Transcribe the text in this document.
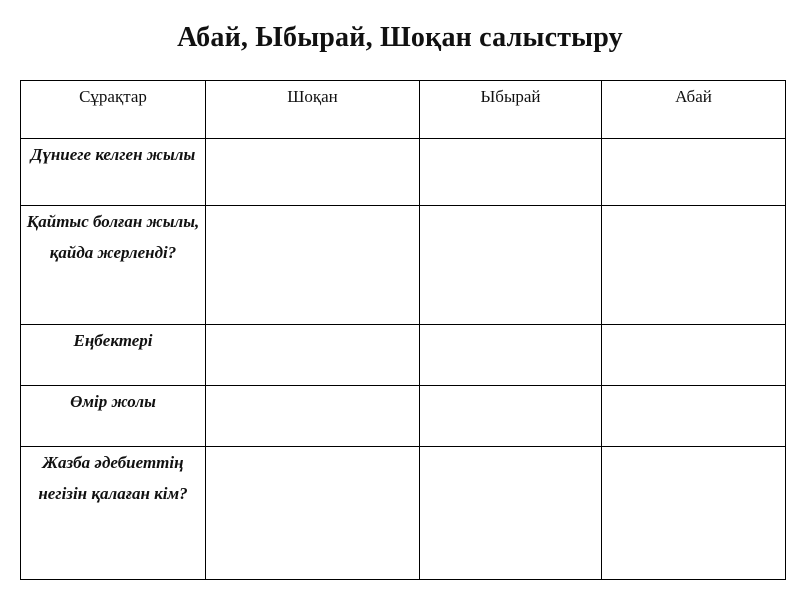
Абай, Ыбырай, Шоқан салыстыру
Сұрақтар	Шоқан	Ыбырай	Абай
Дүниеге келген жылы			
Қайтыс болған жылы, қайда жерленді?			
Еңбектері			
Өмір жолы			
Жазба әдебиеттің негізін қалаған кім?			
